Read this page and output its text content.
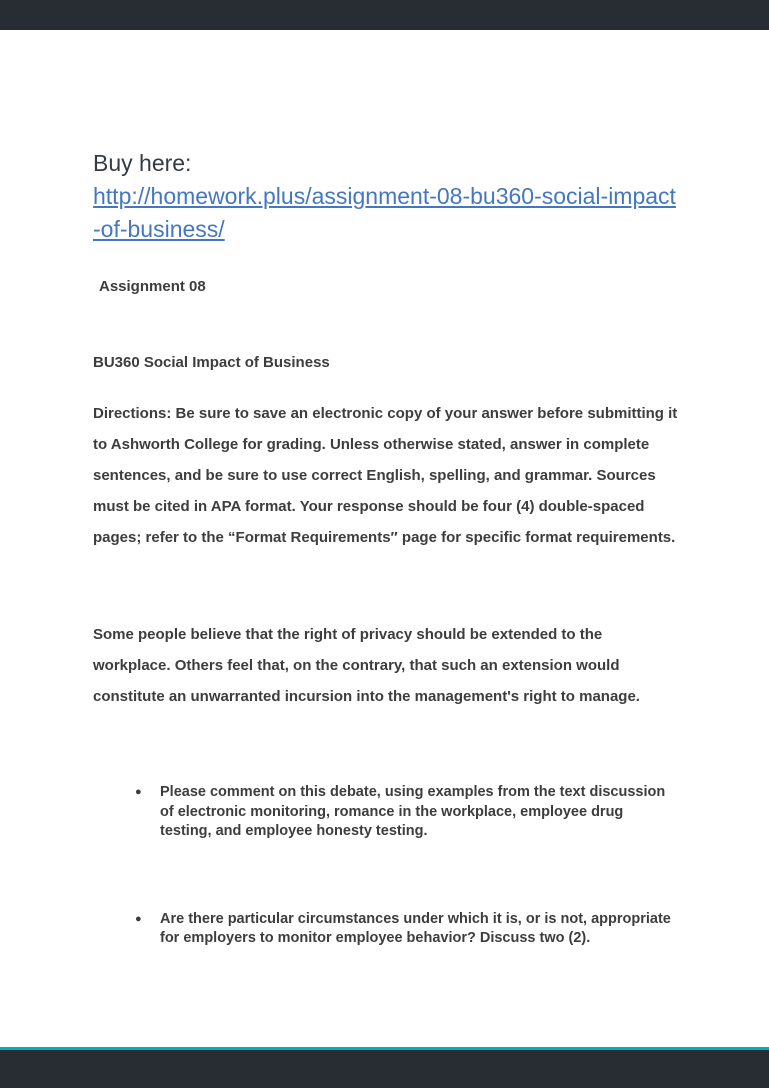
Buy here:
http://homework.plus/assignment-08-bu360-social-impact-of-business/
Assignment 08
BU360 Social Impact of Business

Directions: Be sure to save an electronic copy of your answer before submitting it to Ashworth College for grading. Unless otherwise stated, answer in complete sentences, and be sure to use correct English, spelling, and grammar. Sources must be cited in APA format. Your response should be four (4) double-spaced pages; refer to the “Format Requirements″ page for specific format requirements.

Some people believe that the right of privacy should be extended to the workplace. Others feel that, on the contrary, that such an extension would constitute an unwarranted incursion into the management's right to manage.

●	Please comment on this debate, using examples from the text discussion of electronic monitoring, romance in the workplace, employee drug testing, and employee honesty testing.
●	Are there particular circumstances under which it is, or is not, appropriate for employers to monitor employee behavior? Discuss two (2).
